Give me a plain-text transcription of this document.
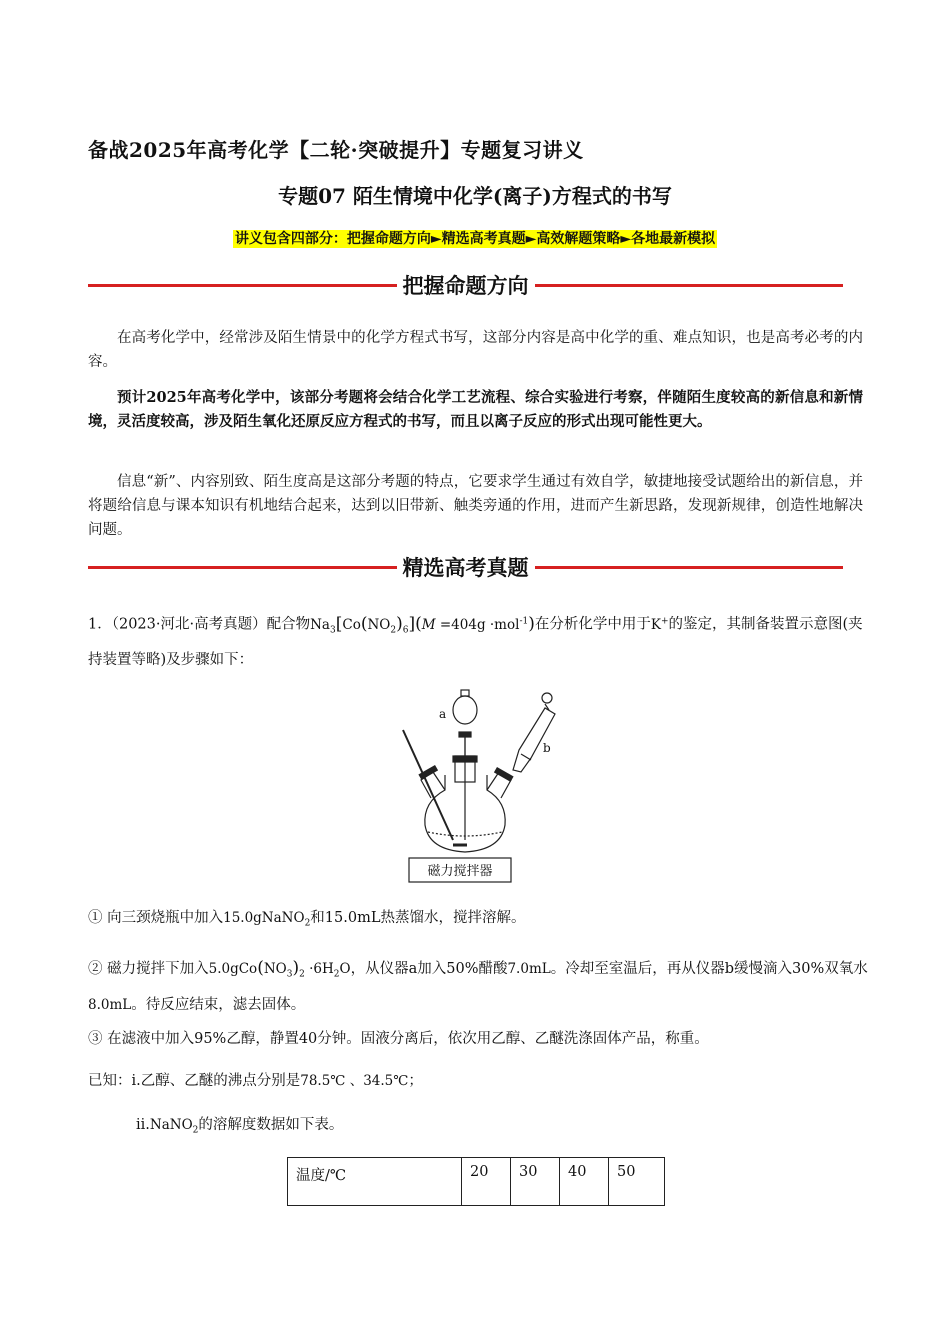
备战2025年高考化学【二轮·突破提升】专题复习讲义
专题07 陌生情境中化学(离子)方程式的书写
讲义包含四部分：把握命题方向►精选高考真题►高效解题策略►各地最新模拟
把握命题方向
在高考化学中，经常涉及陌生情景中的化学方程式书写，这部分内容是高中化学的重、难点知识，也是高考必考的内容。
预计2025年高考化学中，该部分考题将会结合化学工艺流程、综合实验进行考察，伴随陌生度较高的新信息和新情境，灵活度较高，涉及陌生氧化还原反应方程式的书写，而且以离子反应的形式出现可能性更大。
信息“新”、内容别致、陌生度高是这部分考题的特点，它要求学生通过有效自学，敏捷地接受试题给出的新信息，并将题给信息与课本知识有机地结合起来，达到以旧带新、触类旁通的作用，进而产生新思路，发现新规律，创造性地解决问题。
精选高考真题
1．（2023·河北·高考真题）配合物$Na_3[Co(NO_2)_6](M =404g \cdot mol^{-1})$在分析化学中用于K+的鉴定，其制备装置示意图(夹持装置等略)及步骤如下：
a
b
磁力搅拌器
① 向三颈烧瓶中加入15.0gNaNO$_2$和15.0mL热蒸馏水，搅拌溶解。
② 磁力搅拌下加入$5.0gCo(NO_3)_2 \cdot 6H_2O$，从仪器a加入50%醋酸7.0mL。冷却至室温后，再从仪器b缓慢滴入30%双氧水8.0mL。待反应结束，滤去固体。
③ 在滤液中加入95%乙醇，静置40分钟。固液分离后，依次用乙醇、乙醚洗涤固体产品，称重。
已知：i.乙醇、乙醚的沸点分别是78.5℃ 、34.5℃；
ii.NaNO$_2$的溶解度数据如下表。
温度/℃	20	30	40	50
